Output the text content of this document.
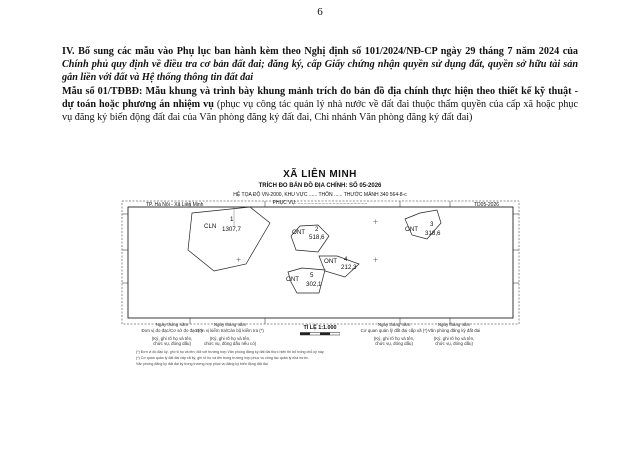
6
IV. Bổ sung các mẫu vào Phụ lục ban hành kèm theo Nghị định số 101/2024/NĐ-CP ngày 29 tháng 7 năm 2024 của Chính phủ quy định về điều tra cơ bản đất đai; đăng ký, cấp Giấy chứng nhận quyền sử dụng đất, quyền sở hữu tài sản gắn liền với đất và Hệ thống thông tin đất đai
Mẫu số 01/TĐBĐ: Mẫu khung và trình bày khung mảnh trích đo bản đồ địa chính thực hiện theo thiết kế kỹ thuật - dự toán hoặc phương án nhiệm vụ (phục vụ công tác quản lý nhà nước về đất đai thuộc thẩm quyền của cấp xã hoặc phục vụ đăng ký biến động đất đai của Văn phòng đăng ký đất đai, Chi nhánh Văn phòng đăng ký đất đai)
XÃ LIÊN MINH
TRÍCH ĐO BẢN ĐỒ ĐỊA CHÍNH: SỐ 05-2026
HỆ TỌA ĐỘ VN-2000, KHU VỰC ...... THÔN ...... THƯỚC MẢNH 340 564-8-c
PHỤC VỤ: ..................................................
TP. Hà Nội - Xã Liên Minh	TD05-2026
CLN
1
1307,7	ONT 2
518,6
ONT
3
318,6
ONT 4
212,3
ONT
5
302,1
+	+
+
TỈ LỆ 1:1.000
Ngày tháng năm
Đơn vị đo đạc/Cơ sở đo đạc (*)
(Ký, ghi rõ họ và tên,
chức vụ, đóng dấu)
Ngày tháng năm
Đơn vị kiểm tra/Cán bộ kiểm tra (*)
(Ký, ghi rõ họ và tên,
chức vụ, đóng dấu nếu có)
Ngày tháng năm
Cơ quan quản lý đất đai cấp xã (*)
(Ký, ghi rõ họ và tên,
chức vụ, đóng dấu)
Ngày tháng năm
Văn phòng đăng ký đất đai
(Ký, ghi rõ họ và tên,
chức vụ, đóng dấu)
(*) Đơn vị đo đạc ký, ghi rõ họ và tên; đối với trường hợp Văn phòng đăng ký đất đai thực hiện thì bỏ trống chỗ ký này.
(*) Cơ quan quản lý đất đai cấp xã ký, ghi rõ họ và tên trong trường hợp phục vụ công tác quản lý nhà nước.
Văn phòng đăng ký đất đai ký trong trường hợp phục vụ đăng ký biến động đất đai.
